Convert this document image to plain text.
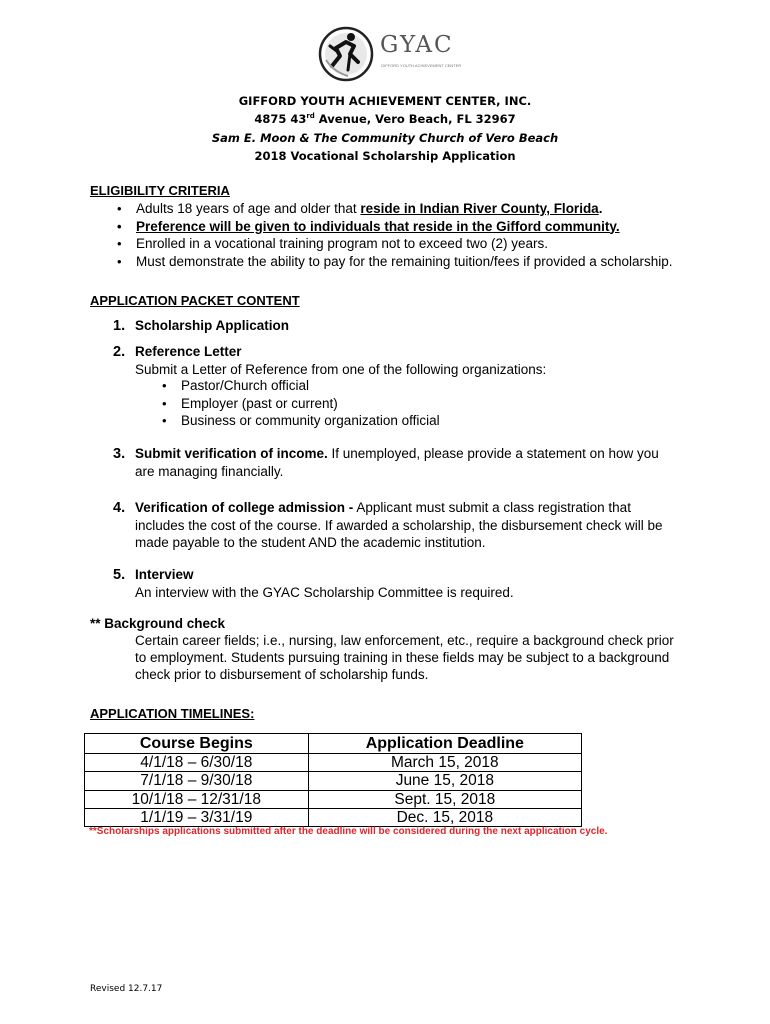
GYAC
GIFFORD YOUTH ACHIEVEMENT CENTER
GIFFORD YOUTH ACHIEVEMENT CENTER, INC.
4875 43rd Avenue, Vero Beach, FL 32967
Sam E. Moon & The Community Church of Vero Beach
2018 Vocational Scholarship Application
ELIGIBILITY CRITERIA
• Adults 18 years of age and older that reside in Indian River County, Florida.
• Preference will be given to individuals that reside in the Gifford community.
• Enrolled in a vocational training program not to exceed two (2) years.
• Must demonstrate the ability to pay for the remaining tuition/fees if provided a scholarship.
APPLICATION PACKET CONTENT
1. Scholarship Application
2. Reference Letter
Submit a Letter of Reference from one of the following organizations:
• Pastor/Church official
• Employer (past or current)
• Business or community organization official
3. Submit verification of income. If unemployed, please provide a statement on how you
are managing financially.
4. Verification of college admission - Applicant must submit a class registration that
includes the cost of the course. If awarded a scholarship, the disbursement check will be
made payable to the student AND the academic institution.
5. Interview
An interview with the GYAC Scholarship Committee is required.
** Background check
Certain career fields; i.e., nursing, law enforcement, etc., require a background check prior
to employment. Students pursuing training in these fields may be subject to a background
check prior to disbursement of scholarship funds.
APPLICATION TIMELINES:
Course Begins	Application Deadline
4/1/18 – 6/30/18	March 15, 2018
7/1/18 – 9/30/18	June 15, 2018
10/1/18 – 12/31/18	Sept. 15, 2018
1/1/19 – 3/31/19	Dec. 15, 2018
**Scholarships applications submitted after the deadline will be considered during the next application cycle.
Revised 12.7.17
